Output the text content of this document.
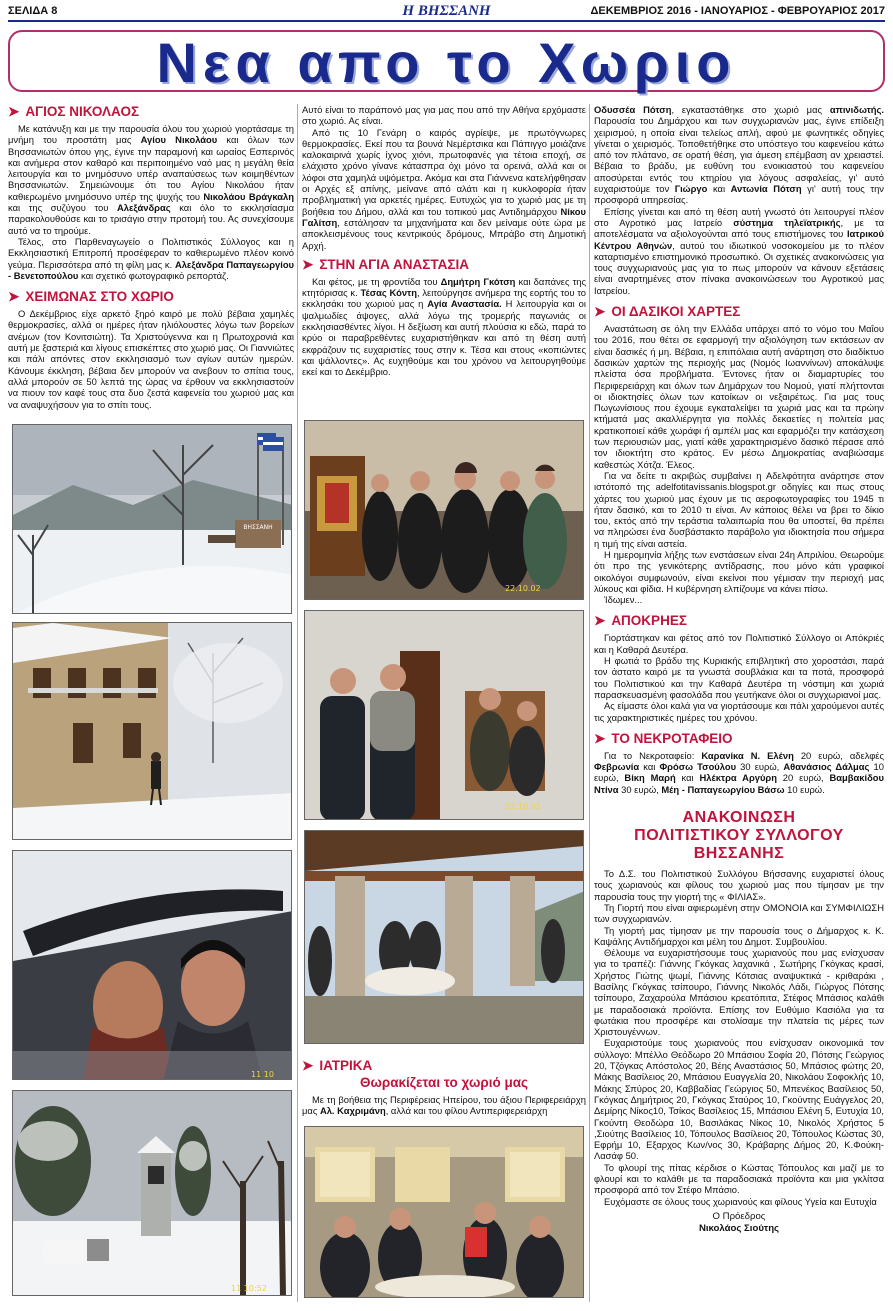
ΣΕΛΙΔΑ 8	Η ΒΗΣΣΑΝΗ	ΔΕΚΕΜΒΡΙΟΣ 2016 - ΙΑΝΟΥΑΡΙΟΣ - ΦΕΒΡΟΥΑΡΙΟΣ 2017
Νεα απο το Χωριο
➤ ΑΓΙΟΣ ΝΙΚΟΛΑΟΣ

Με κατάνυξη και με την παρουσία όλου του χωριού γιορτάσαμε τη μνήμη του προστάτη μας Αγίου Νικολάου και όλων των Βησσανιωτών όπου γης, έγινε την παραμονή και ωραίος Εσπερινός και ανήμερα στον καθαρό και περιποιημένο ναό μας η μεγάλη θεία λειτουργία και το μνημόσυνο υπέρ αναπαύσεως των κοιμηθέντων Βησσανιωτών. Σημειώνουμε ότι του Αγίου Νικολάου ήταν καθιερωμένο μνημόσυνο υπέρ της ψυχής του Νικολάου Βράγκαλη και της συζύγου του Αλεξάνδρας και όλο το εκκλησίασμα παρακολουθούσε και το τρισάγιο στην προτομή του. Ας συνεχίσουμε αυτό να το τηρούμε.

Τέλος, στο Παρθεναγωγείο ο Πολιτιστικός Σύλλογος και η Εκκλησιαστική Επιτροπή προσέφεραν το καθιερωμένο πλέον κοινό γεύμα. Περισσότερα από τη φίλη μας κ. Αλεξάνδρα Παπαγεωργίου - Βενετοπούλου και σχετικό φωτογραφικό ρεπορτάζ.

➤ ΧΕΙΜΩΝΑΣ ΣΤΟ ΧΩΡΙΟ

Ο Δεκέμβριος είχε αρκετό ξηρό καιρό με πολύ βέβαια χαμηλές θερμοκρασίες, αλλά οι ημέρες ήταν ηλιόλουστες λόγω των βορείων ανέμων (τον Κονιτσιώτη). Τα Χριστούγεννα και η Πρωτοχρονιά και αυτή με ξαστεριά και λίγους επισκέπτες στο χωριό μας. Οι Γιαννιώτες και πάλι απόντες στον εκκλησιασμό των αγίων αυτών ημερών. Κάνουμε έκκληση, βέβαια δεν μπορούν να ανεβουν το σπίτια τους, αλλά μπορούν σε 50 λεπτά της ώρας να έρθουν να εκκλησιαστούν να πιουν τον καφέ τους στα δυο ζεστά καφενεία του χωριού μας και να αναψυχήσουν για το σπίτι τους.

ΒΗΣΣΑΝΗ
11 10
11 10:52

Αυτό είναι το παράπονό μας για μας που από την Αθήνα ερχόμαστε στο χωριό. Ας είναι.

Από τις 10 Γενάρη ο καιρός αγρίεψε, με πρωτόγνωρες θερμοκρασίες. Εκεί που τα βουνά Νεμέρτσικα και Πάπιγγο μοιάζανε καλοκαιρινά χωρίς ίχνος χιόνι, πρωτοφανές για τέτοια εποχή, σε ελάχιστο χρόνο γίνανε κάτασπρα όχι μόνο τα ορεινά, αλλά και οι λόφοι στα χαμηλά υψόμετρα. Ακόμα και στα Γιάννενα κατελήφθησαν οι Αρχές εξ απίνης, μείνανε από αλάτι και η κυκλοφορία ήταν προβληματική για αρκετές ημέρες. Ευτυχώς για το χωριό μας με τη βοήθεια του Δήμου, αλλά και του τοπικού μας Αντιδημάρχου Νίκου Γαλίτση, εστάλησαν τα μηχανήματα και δεν μείναμε ούτε ώρα με αποκλεισμένους τους κεντρικούς δρόμους, Μπράβο στη Δημοτική Αρχή.

➤ ΣΤΗΝ ΑΓΙΑ ΑΝΑΣΤΑΣΙΑ

Και φέτος, με τη φροντίδα του Δημήτρη Γκότση και δαπάνες της κτητόρισας κ. Τέσας Κόντη, λειτούργησε ανήμερα της εορτής του το εκκλησάκι του χωριού μας η Αγία Αναστασία. Η λειτουργία και οι ψαλμωδίες άψογες, αλλά λόγω της τρομερής παγωνιάς οι εκκλησιασθέντες λίγοι. Η δεξίωση και αυτή πλούσια κι εδώ, παρά το κρύο οι παραβρεθέντες ευχαριστήθηκαν και από τη θέση αυτή εκφράζουν τις ευχαριστίες τους στην κ. Τέσα και στους «κοπιώντες και ψάλλοντες». Ας ευχηθούμε και του χρόνου να λειτουργηθούμε εκεί και το Δεκέμβριο.

22.10.02
22.10.01
➤ ΙΑΤΡΙΚΑ
Θωρακίζεται το χωριό μας

Με τη βοήθεια της Περιφέρειας Ηπείρου, του άξιου Περιφερειάρχη μας Αλ. Καχριμάνη, αλλά και του φίλου Αντιπεριφερειάρχη

Οδυσσέα Πότση, εγκαταστάθηκε στο χωριό μας απινιδωτής. Παρουσία του Δημάρχου και των συγχωριανών μας, έγινε επίδειξη χειρισμού, η οποία είναι τελείως απλή, αφού με φωνητικές οδηγίες γίνεται ο χειρισμός. Τοποθετήθηκε στο υπόστεγο του καφενείου κάτω από τον πλάτανο, σε ορατή θέση, για άμεση επέμβαση αν χρειαστεί. Βέβαια το βράδυ, με ευθύνη του ενοικιαστού του καφενείου αποσύρεται εντός του κτηρίου για λόγους ασφαλείας, γι' αυτό ευχαριστούμε τον Γιώργο και Αντωνία Πότση γι' αυτή τους την προσφορά υπηρεσίας.

Επίσης γίνεται και από τη θέση αυτή γνωστό ότι λειτουργεί πλέον στο Αγροτικό μας Ιατρείο σύστημα τηλεϊατρικής, με τα αποτελέσματα να αξιολογούνται από τους επιστήμονες του Ιατρικού Κέντρου Αθηνών, αυτού του ιδιωτικού νοσοκομείου με το πλέον καταρτισμένο επιστημονικό προσωπικό. Οι σχετικές ανακοινώσεις για τους συγχωριανούς μας για το πως μπορούν να κάνουν εξετάσεις είναι αναρτημένες στον πίνακα ανακοινώσεων του Αγροτικού μας Ιατρείου.

➤ ΟΙ ΔΑΣΙΚΟΙ ΧΑΡΤΕΣ

Αναστάτωση σε όλη την Ελλάδα υπάρχει από το νόμο του Μαΐου του 2016, που θέτει σε εφαρμογή την αξιολόγηση των εκτάσεων αν είναι δασικές ή μη. Βέβαια, η επιπόλαια αυτή ανάρτηση στο διαδίκτυο δασικών χαρτών της περιοχής μας (Νομός Ιωαννίνων) αποκάλυψε πλείστα όσα προβλήματα. Έντονες ήταν οι διαμαρτυρίες του Περιφερειάρχη και όλων των Δημάρχων του Νομού, γιατί πλήττονται οι ιδιοκτησίες όλων των κατοίκων οι νεξαιρέτως. Για μας τους Πωγωνίσιους που έχουμε εγκαταλείψει τα χωριά μας και τα πρώην κτήματά μας ακαλλιέργητα για πολλές δεκαετίες η πολιτεία μας κρατικοποιεί κάθε χωράφι ή αμπέλι μας και εφαρμόζει την κατάσχεση των περιουσιών μας, γιατί κάθε χαρακτηρισμένο δασικό πέρασε από τον ιδιοκτήτη στο κράτος. Εν μέσω Δημοκρατίας αναβιώσαμε καθεστώς Χότζα. Έλεος.

Για να δείτε τι ακριβώς συμβαίνει η Αδελφότητα ανάρτησε στον ιστότοπό της adelfotitavissanis.blogspot.gr οδηγίες και πως στους χάρτες του χωριού μας έχουν με τις αεροφωτογραφίες του 1945 τι ήταν δασικό, και το 2010 τι είναι. Αν κάποιος θέλει να βρει το δίκιο του, εκτός από την τεράστια ταλαιπωρία που θα υποστεί, θα πρέπει να πληρώσει ένα δυσβάστακτο παράβολο για ιδιοκτησία που σήμερα η τιμή της είναι αστεία.

Η ημερομηνία λήξης των ενστάσεων είναι 24η Απριλίου. Θεωρούμε ότι προ της γενικότερης αντίδρασης, που μόνο κάτι γραφικοί οικολόγοι συμφωνούν, είναι εκείνοι που γέμισαν την περιοχή μας λύκους και φίδια. Η κυβέρνηση ελπίζουμε να κάνει πίσω.

Ίδωμεν...

➤ ΑΠΟΚΡΗΕΣ

Γιορτάστηκαν και φέτος από τον Πολιτιστικό Σύλλογο οι Απόκριές και η Καθαρά Δευτέρα.

Η φωτιά το βράδυ της Κυριακής επιβλητική στο χοροστάσι, παρά τον άστατο καιρό με τα γνωστά σουβλάκια και τα ποτά, προσφορά του Πολιτιστικού και την Καθαρά Δευτέρα τη νόστιμη και χωριά παρασκευασμένη φασολάδα που γευτήκανε όλοι οι συγχωριανοί μας.

Ας είμαστε όλοι καλά για να γιορτάσουμε και πάλι χαρούμενοι αυτές τις χαρακτηριστικές ημέρες του χρόνου.

➤ ΤΟ ΝΕΚΡΟΤΑΦΕΙΟ

Για το Νεκροταφείο: Καρανίκα Ν. Ελένη 20 ευρώ, αδελφές Φεβρωνία και Φρόσω Τσούλου 30 ευρώ, Αθανάσιος Δάλμας 10 ευρώ, Βίκη Μαρή και Ηλέκτρα Αργύρη 20 ευρώ, Βαμβακίδου Ντίνα 30 ευρώ, Μέη - Παπαγεωργίου Βάσω 10 ευρώ.

ΑΝΑΚΟΙΝΩΣΗ
ΠΟΛΙΤΙΣΤΙΚΟΥ ΣΥΛΛΟΓΟΥ
ΒΗΣΣΑΝΗΣ

Το Δ.Σ. του Πολιτιστικού Συλλόγου Βήσσανης ευχαριστεί όλους τους χωριανούς και φίλους του χωριού μας που τίμησαν με την παρουσία τους την γιορτή της « ΦΙΛΙΑΣ».

Τη Γιορτή που είναι αφιερωμένη στην ΟΜΟΝΟΙΑ και ΣΥΜΦΙΛΙΩΣΗ των συγχωριανών.

Τη γιορτή μας τίμησαν με την παρουσία τους ο Δήμαρχος κ. Κ. Καψάλης Αντιδήμαρχοι και μέλη του Δημοτ. Συμβουλίου.

Θέλουμε να ευχαριστήσουμε τους χωριανούς που μας ενίσχυσαν για το τραπέζι: Γιάννης Γκόγκας λαχανικά , Σωτήρης Γκόγκας κρασί, Χρήστος Γιώτης ψωμί, Γιάννης Κότσιας αναψυκτικά - κριθαράκι , Βασίλης Γκόγκας τσίπουρο, Γιάννης Νικολός Λάδι, Γιώργος Πότσης τσίπουρο, Ζαχαρούλα Μπάσιου κρεατόπιτα, Στέφος Μπάσιος καλάθι με παραδοσιακά προϊόντα. Επίσης τον Ευθύμιο Κασιόλα για τα φωτάκια που προσφέρε και στολίσαμε την πλατεία τις μέρες των Χριστουγέννων.

Ευχαριστούμε τους χωριανούς που ενίσχυσαν οικονομικά τον σύλλογο: Μπέλλο Θεόδωρο 20 Μπάσιου Σοφία 20, Πότσης Γεώργιος 20, Τζόγκας Απόστολος 20, Βέης Αναστάσιος 50, Μπάσιος φώτης 20, Μάκης Βασίλειος 20, Μπάσιου Ευαγγελία 20, Νικολάου Σοφοκλής 10, Μάκης Σπύρος 20, Καββαδίας Γεώργιος 50, Μπενέκος Βασίλειος 50, Γκόγκας Δημήτριος 20, Γκόγκας Σταύρος 10, Γκούντης Ευάγγελος 20, Δεμίρης Νίκος10, Τσίκος Βασίλειος 15, Μπάσιου Ελένη 5, Ευτυχία 10, Γκούντη Θεοδώρα 10, Βασιλάκας Νίκος 10, Νικολός Χρήστος 5 ,Σιούτης Βασίλειος 10, Τόπουλος Βασίλειος 20, Τόπουλος Κώστας 30, Εφρήμ 10, Εξαρχος Κων/νος 30, Κράβαρης Δήμος 20, Κ.Φούκη-Λασάφ 50.

Το φλουρί της πίτας κέρδισε ο Κώστας Τόπουλος και μαζί με το φλουρί και το καλάθι με τα παραδοσιακά προϊόντα και μια γκλίτσα προσφορά από τον Στέφο Μπάσιο.

Ευχόμαστε σε όλους τους χωριανούς και φίλους Υγεία και Ευτυχία

Ο Πρόεδρος
Νικολάος Σιούτης
